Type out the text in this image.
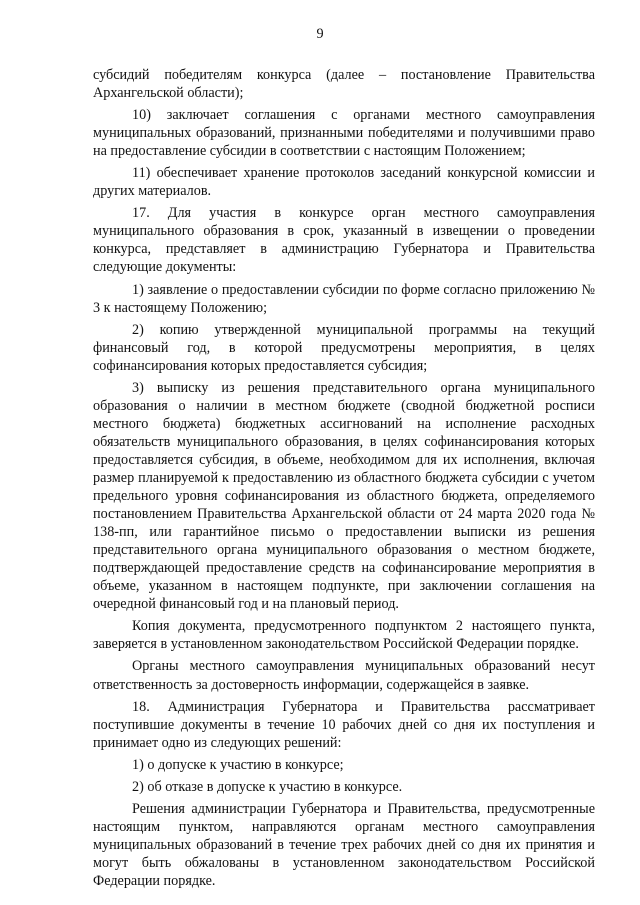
9

субсидий победителям конкурса (далее – постановление Правительства Архангельской области);

10) заключает соглашения с органами местного самоуправления муниципальных образований, признанными победителями и получившими право на предоставление субсидии в соответствии с настоящим Положением;

11) обеспечивает хранение протоколов заседаний конкурсной комиссии и других материалов.

17. Для участия в конкурсе орган местного самоуправления муниципального образования в срок, указанный в извещении о проведении конкурса, представляет в администрацию Губернатора и Правительства следующие документы:

1) заявление о предоставлении субсидии по форме согласно приложению № 3 к настоящему Положению;

2) копию утвержденной муниципальной программы на текущий финансовый год, в которой предусмотрены мероприятия, в целях софинансирования которых предоставляется субсидия;

3) выписку из решения представительного органа муниципального образования о наличии в местном бюджете (сводной бюджетной росписи местного бюджета) бюджетных ассигнований на исполнение расходных обязательств муниципального образования, в целях софинансирования которых предоставляется субсидия, в объеме, необходимом для их исполнения, включая размер планируемой к предоставлению из областного бюджета субсидии с учетом предельного уровня софинансирования из областного бюджета, определяемого постановлением Правительства Архангельской области от 24 марта 2020 года № 138-пп, или гарантийное письмо о предоставлении выписки из решения представительного органа муниципального образования о местном бюджете, подтверждающей предоставление средств на софинансирование мероприятия в объеме, указанном в настоящем подпункте, при заключении соглашения на очередной финансовый год и на плановый период.

Копия документа, предусмотренного подпунктом 2 настоящего пункта, заверяется в установленном законодательством Российской Федерации порядке.

Органы местного самоуправления муниципальных образований несут ответственность за достоверность информации, содержащейся в заявке.

18. Администрация Губернатора и Правительства рассматривает поступившие документы в течение 10 рабочих дней со дня их поступления и принимает одно из следующих решений:

1) о допуске к участию в конкурсе;

2) об отказе в допуске к участию в конкурсе.

Решения администрации Губернатора и Правительства, предусмотренные настоящим пунктом, направляются органам местного самоуправления муниципальных образований в течение трех рабочих дней со дня их принятия и могут быть обжалованы в установленном законодательством Российской Федерации порядке.
